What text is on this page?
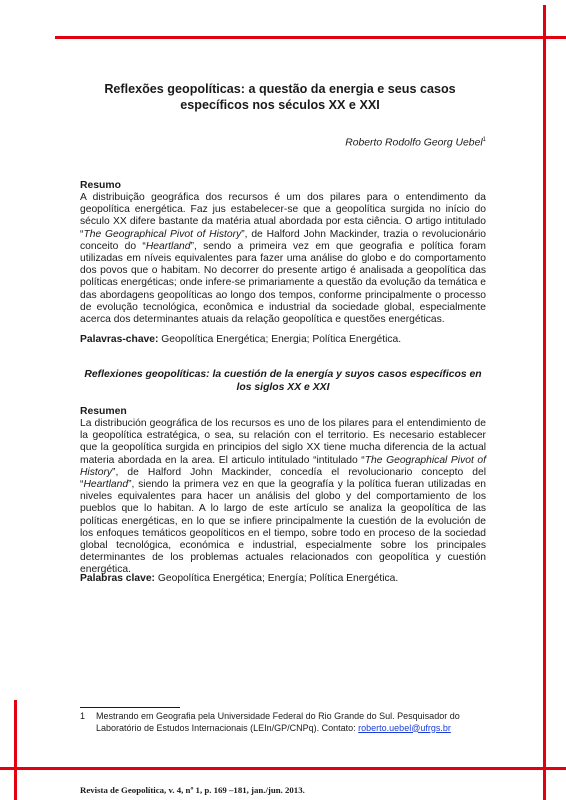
Reflexões geopolíticas: a questão da energia e seus casos
específicos nos séculos XX e XXI

Roberto Rodolfo Georg Uebel$^1$

Resumo

A distribuição geográfica dos recursos é um dos pilares para o entendimento da geopolítica energética. Faz jus estabelecer-se que a geopolítica surgida no início do século XX difere bastante da matéria atual abordada por esta ciência. O artigo intitulado “The Geographical Pivot of History”, de Halford John Mackinder, trazia o revolucionário conceito do “Heartland”, sendo a primeira vez em que geografia e política foram utilizadas em níveis equivalentes para fazer uma análise do globo e do comportamento dos povos que o habitam. No decorrer do presente artigo é analisada a geopolítica das políticas energéticas; onde infere-se primariamente a questão da evolução da temática e das abordagens geopolíticas ao longo dos tempos, conforme principalmente o processo de evolução tecnológica, econômica e industrial da sociedade global, especialmente acerca dos determinantes atuais da relação geopolítica e questões energéticas.

Palavras-chave: Geopolítica Energética; Energia; Política Energética.

Reflexiones geopolíticas: la cuestión de la energía y suyos casos específicos en
los siglos XX e XXI

Resumen

La distribución geográfica de los recursos es uno de los pilares para el entendimiento de la geopolítica estratégica, o sea, su relación con el territorio. Es necesario establecer que la geopolítica surgida en principios del siglo XX tiene mucha diferencia de la actual materia abordada en la area. El articulo intitulado “intitulado “The Geographical Pivot of History”, de Halford John Mackinder, concedía el revolucionario concepto del “Heartland”, siendo la primera vez en que la geografía y la política fueran utilizadas en niveles equivalentes para hacer un análisis del globo y del comportamiento de los pueblos que lo habitan. A lo largo de este artículo se analiza la geopolítica de las políticas energéticas, en lo que se infiere principalmente la cuestión de la evolución de los enfoques temáticos geopolíticos en el tiempo, sobre todo en proceso de la sociedad global tecnológica, económica e industrial, especialmente sobre los principales determinantes de los problemas actuales relacionados con geopolítica y cuestión energética.

Palabras clave: Geopolítica Energética; Energía; Política Energética.

1	Mestrando em Geografia pela Universidade Federal do Rio Grande do Sul. Pesquisador do Laboratório de Estudos Internacionais (LEIn/GP/CNPq). Contato: roberto.uebel@ufrgs.br

Revista de Geopolítica, v. 4, nº 1, p. 169 –181, jan./jun. 2013.
